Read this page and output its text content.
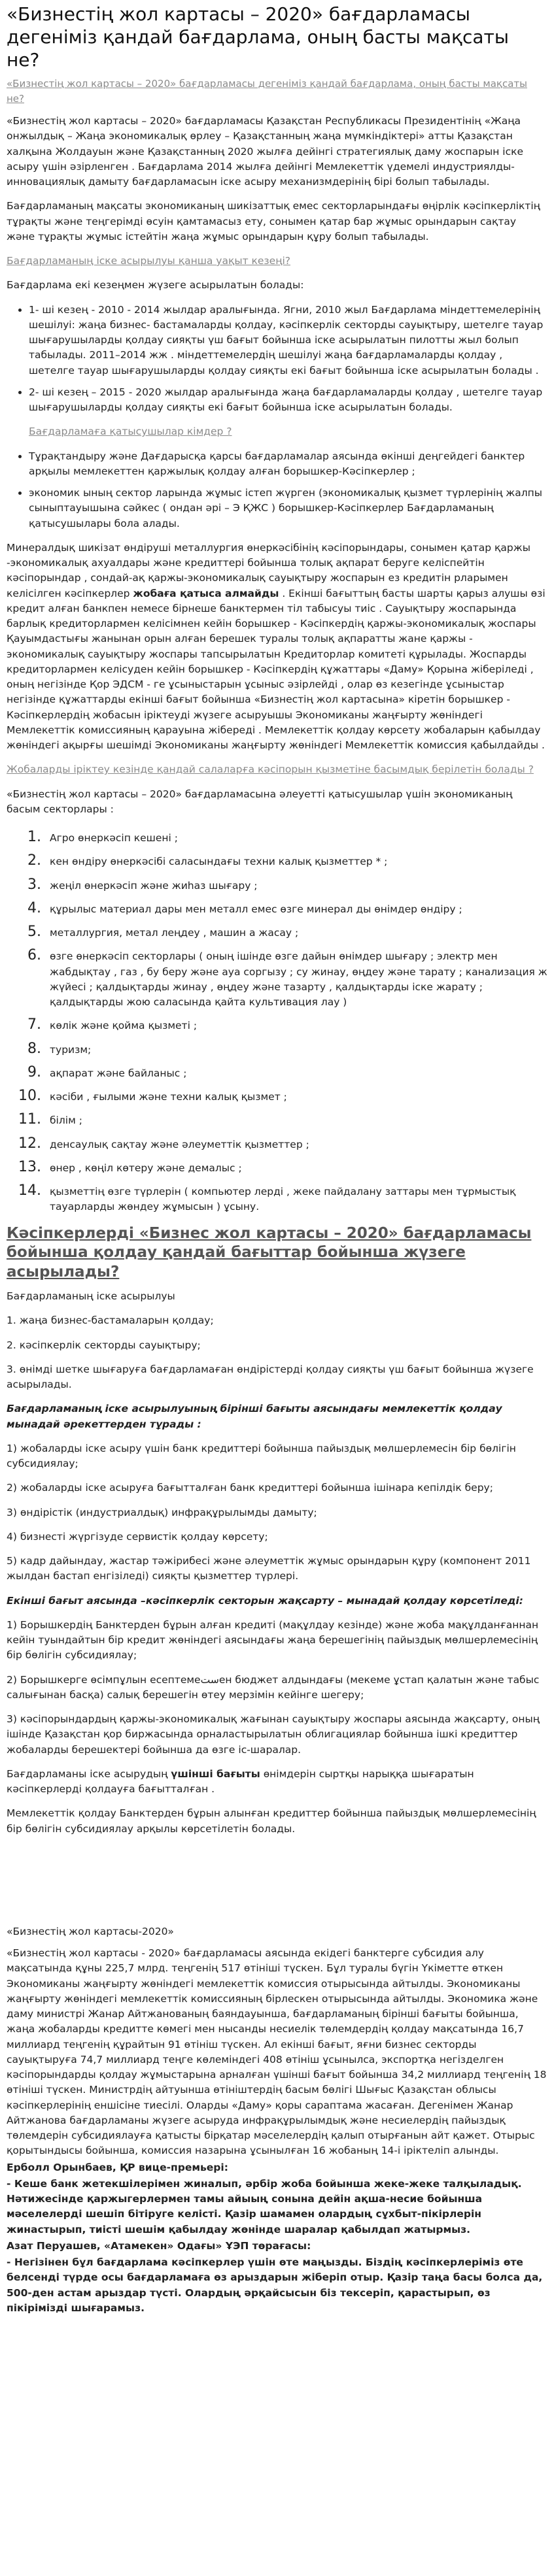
«Бизнестің жол картасы – 2020» бағдарламасы дегеніміз қандай бағдарлама, оның басты мақсаты не?
«Бизнестің жол картасы – 2020» бағдарламасы дегеніміз қандай бағдарлама, оның басты мақсаты не?

«Бизнестің жол картасы – 2020» бағдарламасы Қазақстан Республикасы Президентінің «Жаңа онжылдық – Жаңа экономикалық өрлеу – Қазақстанның жаңа мүмкіндіктері» атты Қазақстан халқына Жолдауын және Қазақстанның 2020 жылға дейінгі стратегиялық даму жоспарын іске асыру үшін әзірленген . Бағдарлама 2014 жылға дейінгі Мемлекеттік үдемелі индустриялды-инновациялық дамыту бағдарламасын іске асыру механизмдерінің бірі болып табылады.

Бағдарламаның мақсаты экономиканың шикізаттық емес секторларындағы өңірлік кәсіпкерліктің тұрақты және теңгерімді өсуін қамтамасыз ету, сонымен қатар бар жұмыс орындарын сақтау және тұрақты жұмыс істейтін жаңа жұмыс орындарын құру болып табылады.

Бағдарламаның іске асырылуы қанша уақыт кезеңі?

Бағдарлама екі кезеңмен жүзеге асырылатын болады:

• 1- ші кезең - 2010 - 2014 жылдар аралығында. Ягни, 2010 жыл Бағдарлама міндеттемелерінің шешілуі: жаңа бизнес- бастамаларды қолдау, кәсіпкерлік секторды сауықтыру, шетелге тауар шығарушыларды қолдау сияқты үш бағыт бойынша іске асырылатын пилотты жыл болып табылады. 2011–2014 жж . міндеттемелердің шешілуі жаңа бағдарламаларды қолдау , шетелге тауар шығарушыларды қолдау сияқты екі бағыт бойынша іске асырылатын болады .
• 2- ші кезең – 2015 - 2020 жылдар аралығында жаңа бағдарламаларды қолдау , шетелге тауар шығарушыларды қолдау сияқты екі бағыт бойынша іске асырылатын болады.

Бағдарламаға қатысушылар кімдер ?

• Тұрақтандыру және Дағдарысқа қарсы бағдарламалар аясында өкінші деңгейдегі банктер арқылы мемлекеттен қаржылық қолдау алған борышкер-Кәсіпкерлер ;
• экономик ының сектор ларында жұмыс істеп жүрген (экономикалық қызмет түрлерінің жалпы сыныптауышына сәйкес ( ондан әрі – Э ҚЖС ) борышкер-Кәсіпкерлер Бағдарламаның қатысушылары бола алады.

Минералдық шикізат өндіруші металлургия өнеркәсібінің кәсіпорындары, сонымен қатар қаржы -экономикалық ахуалдары және кредиттері бойынша толық ақпарат беруге келіспейтін кәсіпорындар , сондай-ақ қаржы-экономикалық сауықтыру жоспарын ез кредитін рларымен келісілген кәсіпкерлер жобаға қатыса алмайды . Екінші бағыттың басты шарты қарыз алушы өзі кредит алған банкпен немесе бірнеше банктермен тіл табысуы тиіс . Сауықтыру жоспарында барлық кредиторлармен келісімнен кейін борышкер - Кәсіпкердің қаржы-экономикалық жоспары Қауымдастығы жанынан орын алған берешек туралы толық ақпаратты жане қаржы - экономикалық сауықтыру жоспары тапсырылатын Кредиторлар комитеті құрылады. Жоспарды кредиторлармен келісуден кейін борышкер - Кәсіпкердің құжаттары «Даму» Қорына жіберіледі , оның негізінде Қор ЭДСМ - ге ұсыныстарын ұсыныс әзірлейді , олар өз кезегінде ұсыныстар негізінде құжаттарды екінші бағыт бойынша «Бизнестің жол картасына» кіретін борышкер - Кәсіпкерлердің жобасын іріктеуді жүзеге асыруышы Экономиканы жаңғырту жөніндегі Мемлекеттік комиссияның қарауына жібереді . Мемлекеттік қолдау көрсету жобаларын қабылдау жөніндегі ақырғы шешімді Экономиканы жаңғырту жөніндегі Мемлекеттік комиссия қабылдайды .

Жобаларды іріктеу кезінде қандай салаларға кәсіпорын қызметіне басымдық берілетін болады ?

«Бизнестің жол картасы – 2020» бағдарламасына әлеуетті қатысушылар үшін экономиканың басым секторлары :

1. Агро өнеркәсіп кешені ;
2. кен өндіру өнеркәсібі саласындағы техни калық қызметтер * ;
3. жеңіл өнеркәсіп және жиһаз шығару ;
4. құрылыс материал дары мен металл емес өзге минерал ды өнімдер өндіру ;
5. металлургия, метал леңдеу , машин а жасау ;
6. өзге өнеркәсіп секторлары ( оның ішінде өзге дайын өнімдер шығару ; электр мен жабдықтау , газ , бу беру және ауа соргызу ; су жинау, өңдеу және тарату ; канализация ж жүйесі ; қалдықтарды жинау , өңдеу және тазарту , қалдықтарды іске жарату ; қалдықтарды жою саласында қайта культивация лау )
7. көлік және қойма қызметі ;
8. туризм;
9. ақпарат және байланыс ;
10. кәсіби , ғылыми және техни калық қызмет ;
11. білім ;
12. денсаулық сақтау және әлеуметтік қызметтер ;
13. өнер , көңіл көтеру және демалыс ;
14. қызметтің өзге түрлерін ( компьютер лерді , жеке пайдалану заттары мен тұрмыстық тауарларды жөндеу жұмысын ) ұсыну.
Кәсіпкерлерді «Бизнес жол картасы – 2020» бағдарламасы бойынша қолдау қандай бағыттар бойынша жүзеге асырылады?

Бағдарламаның іске асырылуы

1. жаңа бизнес-бастамаларын қолдау;

2. кәсіпкерлік секторды сауықтыру;

3. өнімді шетке шығаруға бағдарламаған өндірістерді қолдау сияқты үш бағыт бойынша жүзеге асырылады.

Бағдарламаның іске асырылуының бірінші бағыты аясындағы мемлекеттік қолдау мынадай әрекеттерден тұрады :

1) жобаларды іске асыру үшін банк кредиттері бойынша пайыздық мөлшерлемесін бір бөлігін субсидиялау;

2) жобаларды іске асыруға бағытталған банк кредиттері бойынша ішінара кепілдік беру;

3) өндірістік (индустриалдық) инфрақұрылымды дамыту;

4) бизнесті жүргізуде сервистік қолдау көрсету;

5) кадр дайындау, жастар тәжірибесі және әлеуметтік жұмыс орындарын құру (компонент 2011 жылдан бастап енгізіледі) сияқты қызметтер түрлері.

Екінші бағыт аясында –кәсіпкерлік секторын жақсарту – мынадай қолдау көрсетіледі:

1) Борышкердің Банктерден бұрын алған кредиті (мақұлдау кезінде) және жоба мақұлданғаннан кейін туындайтын бір кредит жөніндегі аясындағы жаңа берешегінің пайыздық мөлшерлемесінің бір бөлігін субсидиялау;

2) Борышкерге өсімпұлын есептемеستен бюджет алдындағы (мекеме ұстап қалатын және табыс салығынан басқа) салық берешегін өтеу мерзімін кейінге шегеру;

3) кәсіпорындардың қаржы-экономикалық жағынан сауықтыру жоспары аясында жақсарту, оның ішінде Қазақстан қор биржасында орналастырылатын облигациялар бойынша ішкі кредиттер жобаларды берешектері бойынша да өзге іс-шаралар.

Бағдарламаны іске асырудың үшінші бағыты өнімдерін сыртқы нарыққа шығаратын кәсіпкерлерді қолдауға бағытталған .

Мемлекеттік қолдау Банктерден бұрын алынған кредиттер бойынша пайыздық мөлшерлемесінің бір бөлігін субсидиялау арқылы көрсетілетін болады.

«Бизнестің жол картасы-2020»

«Бизнестің жол картасы - 2020» бағдарламасы аясында екідегі банктерге субсидия алу мақсатында құны 225,7 млрд. теңгенің 517 өтініші түскен. Бұл туралы бүгін Үкіметте өткен Экономиканы жаңғырту жөніндегі мемлекеттік комиссия отырысында айтылды. Экономиканы жаңғырту жөніндегі мемлекеттік комиссияның бірлескен отырысында айтылды. Экономика және даму министрі Жанар Айтжанованың баяндауынша, бағдарламаның бірінші бағыты бойынша, жаңа жобаларды кредитте көмегі мен нысанды несиелік төлемдердің қолдау мақсатында 16,7 миллиард теңгенің құрайтын 91 өтініш түскен. Ал екінші бағыт, яғни бизнес секторды сауықтыруға 74,7 миллиард теңге көлеміндегі 408 өтініш ұсынылса, экспортқа негізделген кәсіпорындарды қолдау жұмыстарына арналған үшінші бағыт бойынша 34,2 миллиард теңгенің 18 өтініші түскен. Министрдің айтуынша өтініштердің басым бөлігі Шығыс Қазақстан облысы кәсіпкерлерінің еншісіне тиесілі. Оларды «Даму» қоры сараптама жасаған. Дегенімен Жанар Айтжанова бағдарламаны жүзеге асыруда инфрақұрылымдық және несиелердің пайыздық төлемдерін субсидиялауға қатысты бірқатар мәселелердің қалып отырғанын айт қажет. Отырыс қорытындысы бойынша, комиссия назарына ұсынылған 16 жобаның 14-і іріктеліп алынды.

Ерболл Орынбаев, ҚР вице-премьері:

- Кеше банк жетекшілерімен жиналып, әрбір жоба бойынша жеке-жеке талқыладық. Нәтижесінде қаржыгерлермен тамы айыың сонына дейін ақша-несие бойынша мәселелерді шешіп бітіруге келісті. Қазір шамамен олардың сұхбыт-пікірлерін жинастырып, тиісті шешім қабылдау жөнінде шаралар қабылдап жатырмыз.

Азат Перуашев, «Атамекен» Одағы» ҰЭП төрағасы:

- Негізінен бұл бағдарлама кәсіпкерлер үшін өте маңызды. Біздің кәсіпкерлеріміз өте белсенді түрде осы бағдарламаға өз арыздарын жіберіп отыр. Қазір таңа басы болса да, 500-ден астам арыздар түсті. Олардың әрқайсысын біз тексеріп, қарастырып, өз пікірімізді шығарамыз.
